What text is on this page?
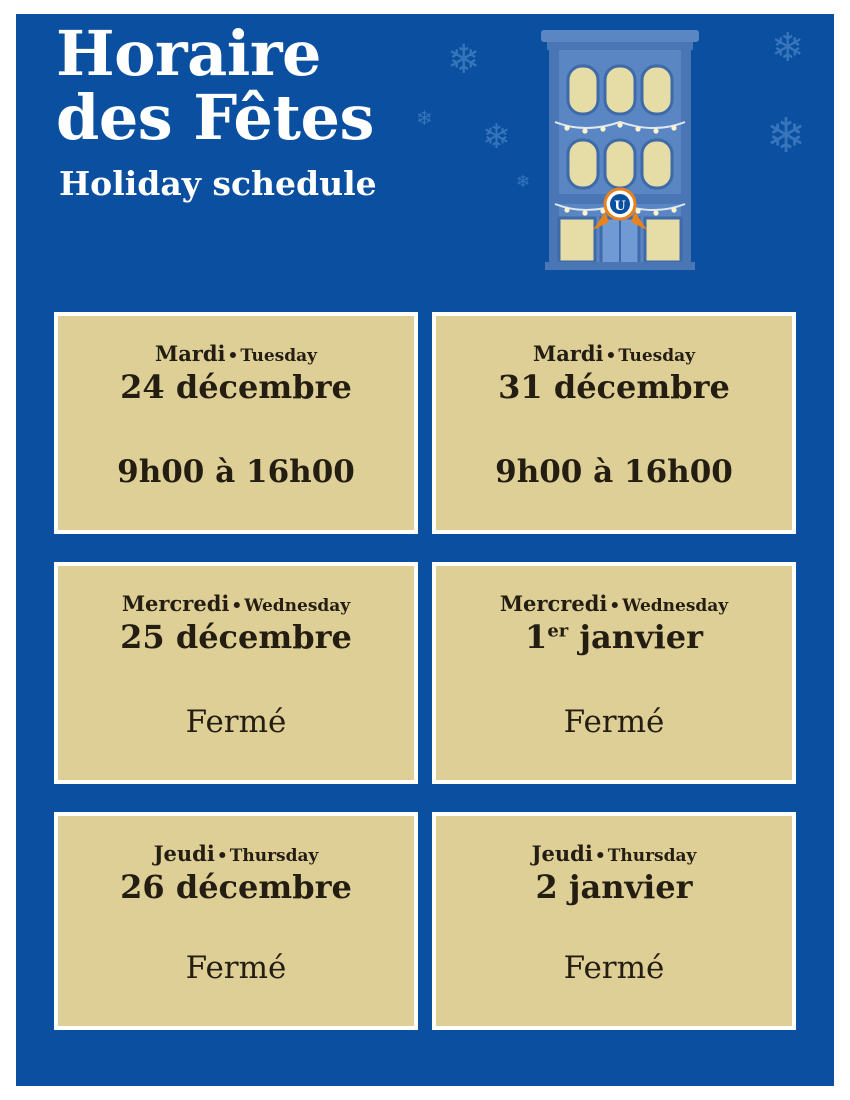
❄
❄ ❄
❄
❄
❄
Horaire
des Fêtes
Holiday schedule
U
Mardi • Tuesday
24 décembre
9h00 à 16h00
Mardi • Tuesday
31 décembre
9h00 à 16h00
Mercredi • Wednesday
25 décembre
Fermé
Mercredi • Wednesday
1er janvier
Fermé
Jeudi • Thursday
26 décembre
Fermé
Jeudi • Thursday
2 janvier
Fermé
